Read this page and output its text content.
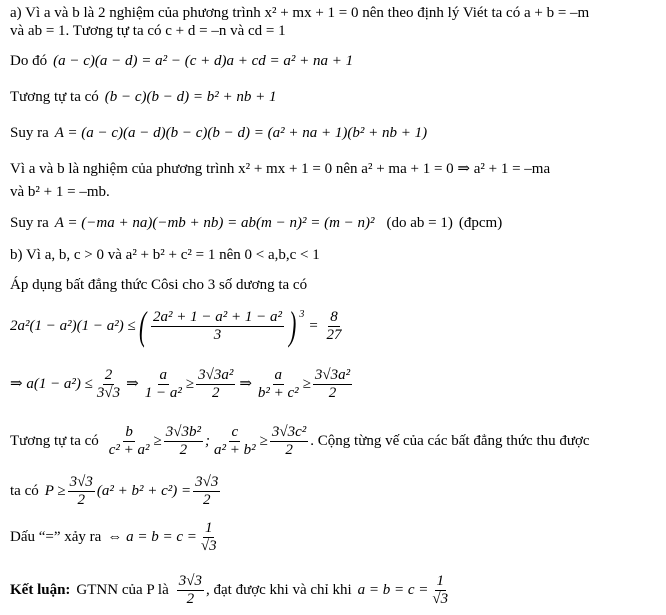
a) Vì a và b là 2 nghiệm của phương trình x² + mx + 1 = 0 nên theo định lý Viét ta có a + b = –m
và ab = 1. Tương tự ta có c + d = –n và cd = 1
Do đó (a − c)(a − d) = a² − (c + d)a + cd = a² + na + 1
Tương tự ta có (b − c)(b − d) = b² + nb + 1
Suy ra A = (a − c)(a − d)(b − c)(b − d) = (a² + na + 1)(b² + nb + 1)
Vì a và b là nghiệm của phương trình x² + mx + 1 = 0 nên a² + ma + 1 = 0 ⇒ a² + 1 = –ma
và b² + 1 = –mb.
Suy ra A = (−ma + na)(−mb + nb) = ab(m − n)² = (m − n)² (do ab = 1) (đpcm)
b) Vì a, b, c > 0 và a² + b² + c² = 1 nên 0 < a,b,c < 1
Áp dụng bất đẳng thức Côsi cho 3 số dương ta có
2a²(1 − a²)(1 − a²) ≤ ( $\frac{\text{2a² + 1 − a² + 1 − a²}}{3}$ ) $^3$
= $\frac{8}{27}$
⇒ $a(1 - a^2) \le \frac{2}{3√3}$ ⇒ $\frac{a}{\text{1 − a²}} \ge \frac{\text{3√3a²}}{2}$ ⇒ $\frac{a}{\text{b² + c²}} \ge \frac{\text{3√3a²}}{2}$
Tương tự ta có $\frac{b}{\text{c² + a²}} \ge \frac{\text{3√3b²}}{2}$ ; $\frac{c}{\text{a² + b²}} \ge \frac{\text{3√3c²}}{2}$ . Cộng từng vế của các bất đẳng thức thu được
ta có $P \ge \frac{3√3}{2} (a^2 + b^2 + c^2) = \frac{3√3}{2}$
Dấu “=” xảy ra ⇔ $a = b = c = \frac{1}{√3}$
Kết luận: GTNN của P là $\frac{3√3}{2}$ , đạt được khi và chỉ khi $a = b = c = \frac{1}{√3}$
